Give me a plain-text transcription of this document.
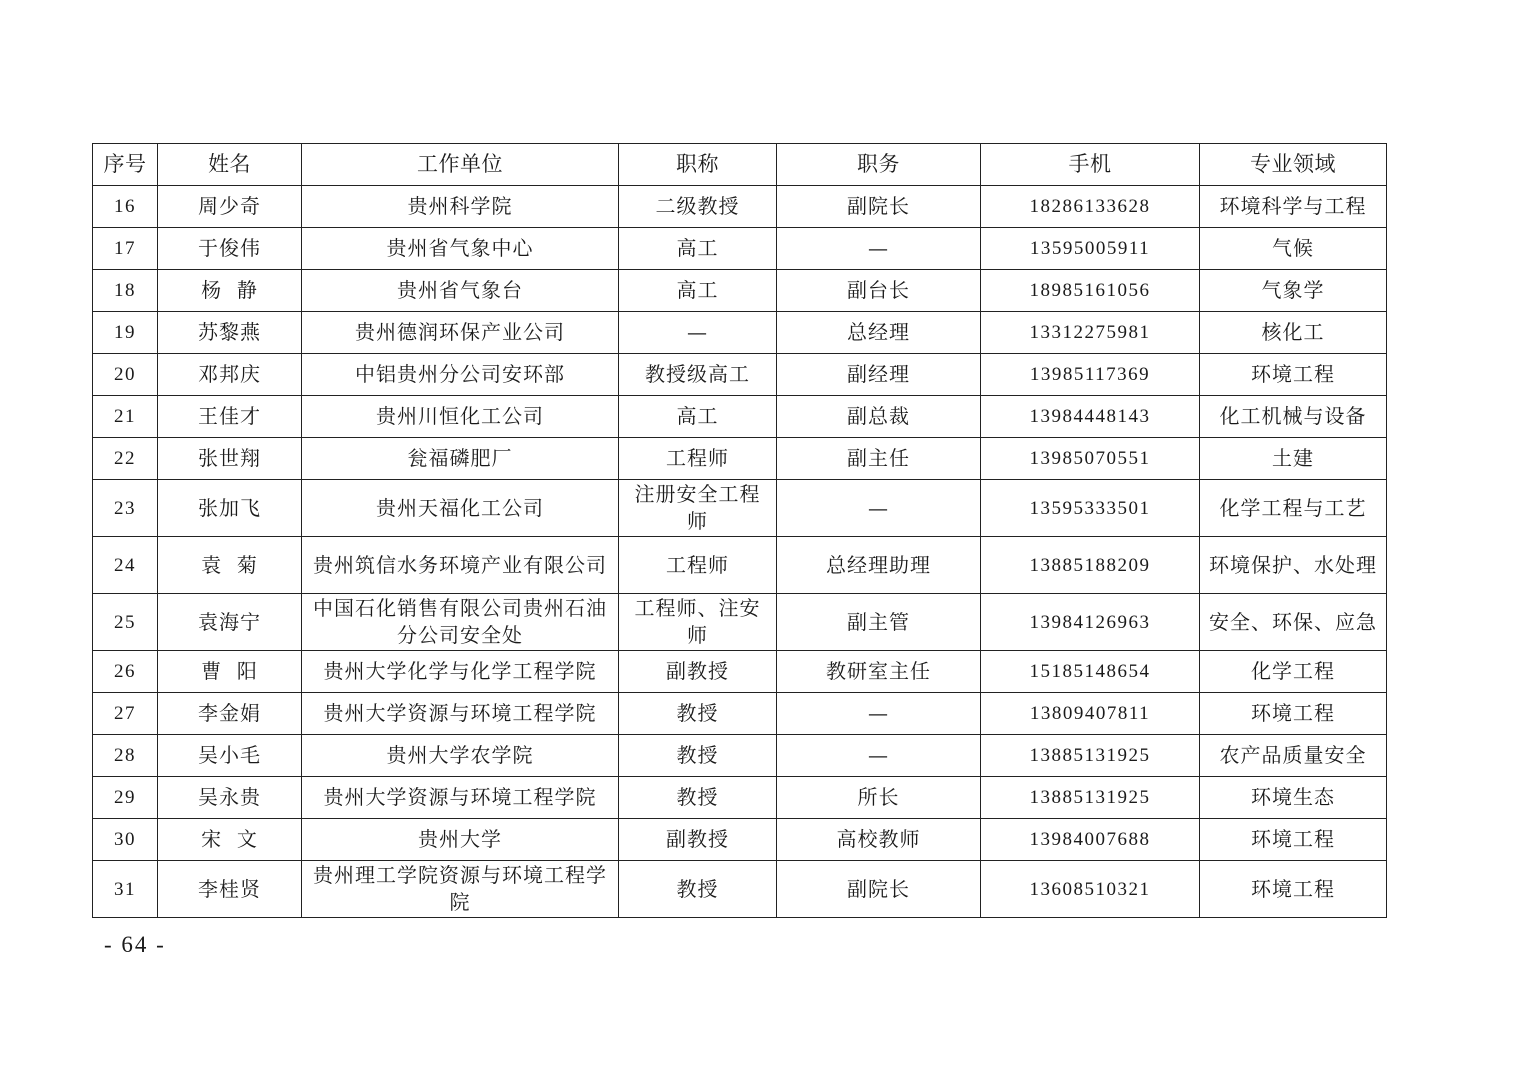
序号	姓名	工作单位	职称	职务	手机	专业领域
16	周少奇	贵州科学院	二级教授	副院长	18286133628	环境科学与工程
17	于俊伟	贵州省气象中心	高工	—	13595005911	气候
18	杨  静	贵州省气象台	高工	副台长	18985161056	气象学
19	苏黎燕	贵州德润环保产业公司	—	总经理	13312275981	核化工
20	邓邦庆	中铝贵州分公司安环部	教授级高工	副经理	13985117369	环境工程
21	王佳才	贵州川恒化工公司	高工	副总裁	13984448143	化工机械与设备
22	张世翔	瓮福磷肥厂	工程师	副主任	13985070551	土建
23	张加飞	贵州天福化工公司	注册安全工程师	—	13595333501	化学工程与工艺
24	袁  菊	贵州筑信水务环境产业有限公司	工程师	总经理助理	13885188209	环境保护、水处理
25	袁海宁	中国石化销售有限公司贵州石油分公司安全处	工程师、注安师	副主管	13984126963	安全、环保、应急
26	曹  阳	贵州大学化学与化学工程学院	副教授	教研室主任	15185148654	化学工程
27	李金娟	贵州大学资源与环境工程学院	教授	—	13809407811	环境工程
28	吴小毛	贵州大学农学院	教授	—	13885131925	农产品质量安全
29	吴永贵	贵州大学资源与环境工程学院	教授	所长	13885131925	环境生态
30	宋  文	贵州大学	副教授	高校教师	13984007688	环境工程
31	李桂贤	贵州理工学院资源与环境工程学院	教授	副院长	13608510321	环境工程
- 64 -
